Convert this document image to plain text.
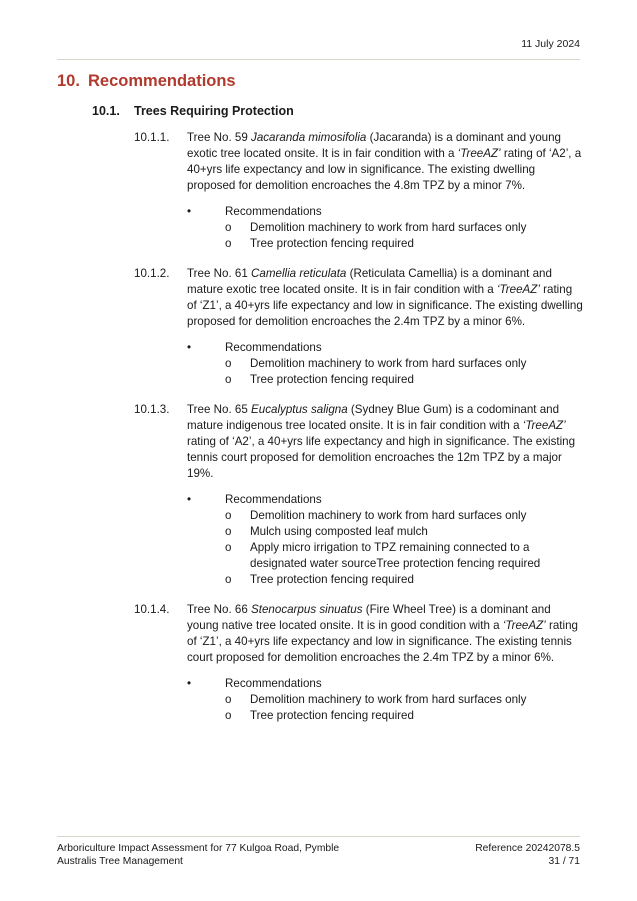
11 July 2024
10. Recommendations
10.1. Trees Requiring Protection
10.1.1. Tree No. 59 Jacaranda mimosifolia (Jacaranda) is a dominant and young exotic tree located onsite. It is in fair condition with a ‘TreeAZ’ rating of ‘A2’, a 40+yrs life expectancy and low in significance. The existing dwelling proposed for demolition encroaches the 4.8m TPZ by a minor 7%.
•	Recommendations
o Demolition machinery to work from hard surfaces only
o Tree protection fencing required
10.1.2. Tree No. 61 Camellia reticulata (Reticulata Camellia) is a dominant and mature exotic tree located onsite. It is in fair condition with a ‘TreeAZ’ rating of ‘Z1’, a 40+yrs life expectancy and low in significance. The existing dwelling proposed for demolition encroaches the 2.4m TPZ by a minor 6%.
•	Recommendations
o Demolition machinery to work from hard surfaces only
o Tree protection fencing required
10.1.3. Tree No. 65 Eucalyptus saligna (Sydney Blue Gum) is a codominant and mature indigenous tree located onsite. It is in fair condition with a ‘TreeAZ’ rating of ‘A2’, a 40+yrs life expectancy and high in significance. The existing tennis court proposed for demolition encroaches the 12m TPZ by a major 19%.
•	Recommendations
o Demolition machinery to work from hard surfaces only
o Mulch using composted leaf mulch
o Apply micro irrigation to TPZ remaining connected to a designated water sourceTree protection fencing required
o Tree protection fencing required
10.1.4. Tree No. 66 Stenocarpus sinuatus (Fire Wheel Tree) is a dominant and young native tree located onsite. It is in good condition with a ‘TreeAZ’ rating of ‘Z1’, a 40+yrs life expectancy and low in significance. The existing tennis court proposed for demolition encroaches the 2.4m TPZ by a minor 6%.
•	Recommendations
o Demolition machinery to work from hard surfaces only
o Tree protection fencing required
Arboriculture Impact Assessment for 77 Kulgoa Road, Pymble
Australis Tree Management
Reference 20242078.5
31 / 71
